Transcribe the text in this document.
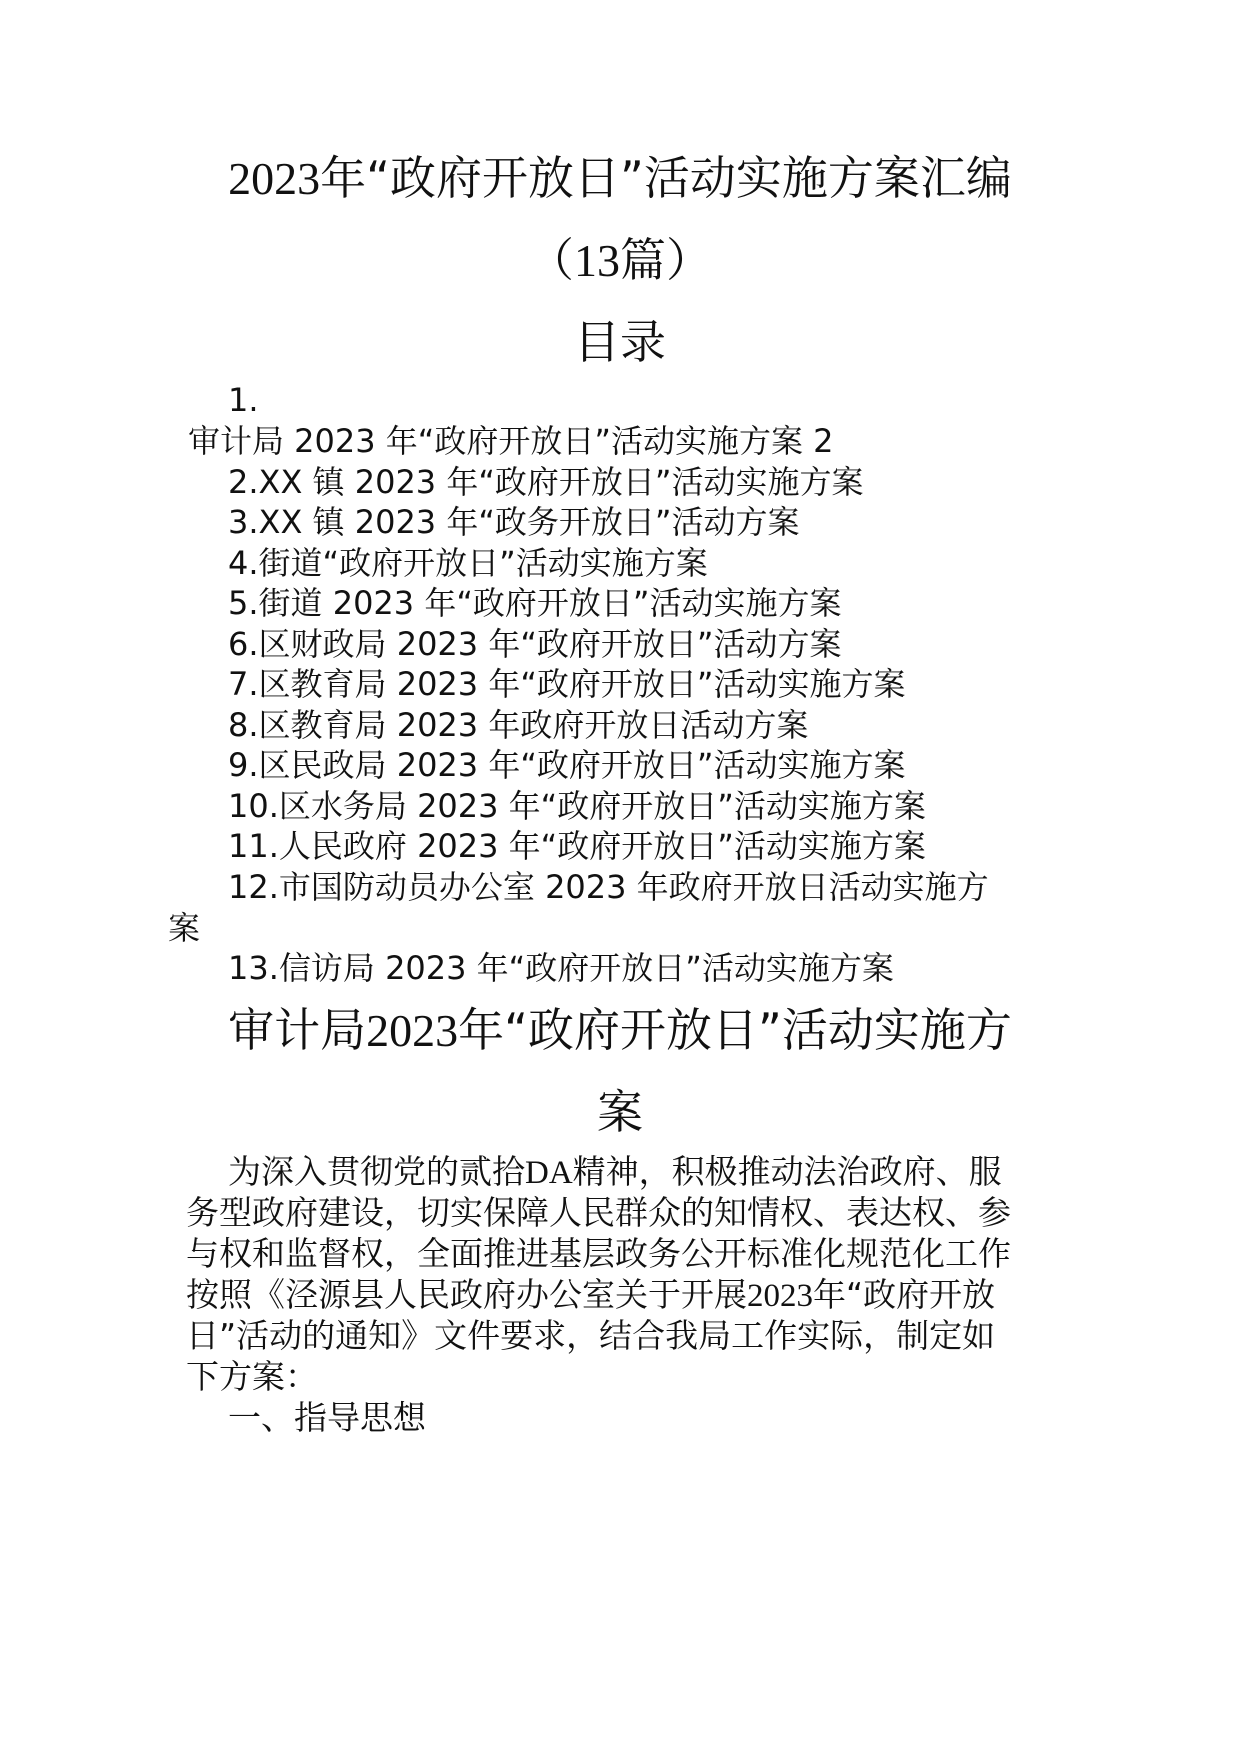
2023年“政府开放日”活动实施方案汇编
（13篇）
目录
1.
审计局 2023 年“政府开放日”活动实施方案 2
2.XX 镇 2023 年“政府开放日”活动实施方案
3.XX 镇 2023 年“政务开放日”活动方案
4.街道“政府开放日”活动实施方案
5.街道 2023 年“政府开放日”活动实施方案
6.区财政局 2023 年“政府开放日”活动方案
7.区教育局 2023 年“政府开放日”活动实施方案
8.区教育局 2023 年政府开放日活动方案
9.区民政局 2023 年“政府开放日”活动实施方案
10.区水务局 2023 年“政府开放日”活动实施方案
11.人民政府 2023 年“政府开放日”活动实施方案
12.市国防动员办公室 2023 年政府开放日活动实施方
案
13.信访局 2023 年“政府开放日”活动实施方案
审计局2023年“政府开放日”活动实施方
案
为深入贯彻党的贰拾DA精神，积极推动法治政府、服
务型政府建设，切实保障人民群众的知情权、表达权、参
与权和监督权，全面推进基层政务公开标准化规范化工作
按照《泾源县人民政府办公室关于开展2023年“政府开放
日”活动的通知》文件要求，结合我局工作实际，制定如
下方案：
一、指导思想
